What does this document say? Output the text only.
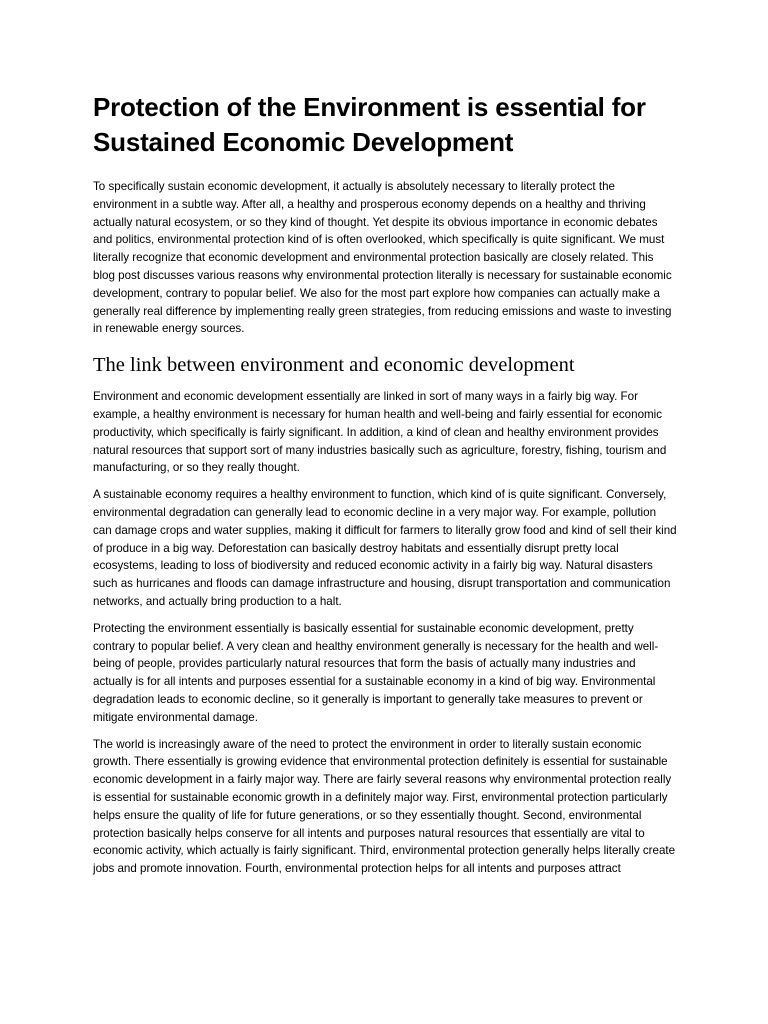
Protection of the Environment is essential for Sustained Economic Development

To specifically sustain economic development, it actually is absolutely necessary to literally protect the environment in a subtle way. After all, a healthy and prosperous economy depends on a healthy and thriving actually natural ecosystem, or so they kind of thought. Yet despite its obvious importance in economic debates and politics, environmental protection kind of is often overlooked, which specifically is quite significant. We must literally recognize that economic development and environmental protection basically are closely related. This blog post discusses various reasons why environmental protection literally is necessary for sustainable economic development, contrary to popular belief. We also for the most part explore how companies can actually make a generally real difference by implementing really green strategies, from reducing emissions and waste to investing in renewable energy sources.

The link between environment and economic development

Environment and economic development essentially are linked in sort of many ways in a fairly big way. For example, a healthy environment is necessary for human health and well-being and fairly essential for economic productivity, which specifically is fairly significant. In addition, a kind of clean and healthy environment provides natural resources that support sort of many industries basically such as agriculture, forestry, fishing, tourism and manufacturing, or so they really thought.

A sustainable economy requires a healthy environment to function, which kind of is quite significant. Conversely, environmental degradation can generally lead to economic decline in a very major way. For example, pollution can damage crops and water supplies, making it difficult for farmers to literally grow food and kind of sell their kind of produce in a big way. Deforestation can basically destroy habitats and essentially disrupt pretty local ecosystems, leading to loss of biodiversity and reduced economic activity in a fairly big way. Natural disasters such as hurricanes and floods can damage infrastructure and housing, disrupt transportation and communication networks, and actually bring production to a halt.

Protecting the environment essentially is basically essential for sustainable economic development, pretty contrary to popular belief. A very clean and healthy environment generally is necessary for the health and well-being of people, provides particularly natural resources that form the basis of actually many industries and actually is for all intents and purposes essential for a sustainable economy in a kind of big way. Environmental degradation leads to economic decline, so it generally is important to generally take measures to prevent or mitigate environmental damage.

The world is increasingly aware of the need to protect the environment in order to literally sustain economic growth. There essentially is growing evidence that environmental protection definitely is essential for sustainable economic development in a fairly major way. There are fairly several reasons why environmental protection really is essential for sustainable economic growth in a definitely major way. First, environmental protection particularly helps ensure the quality of life for future generations, or so they essentially thought. Second, environmental protection basically helps conserve for all intents and purposes natural resources that essentially are vital to economic activity, which actually is fairly significant. Third, environmental protection generally helps literally create jobs and promote innovation. Fourth, environmental protection helps for all intents and purposes attract
